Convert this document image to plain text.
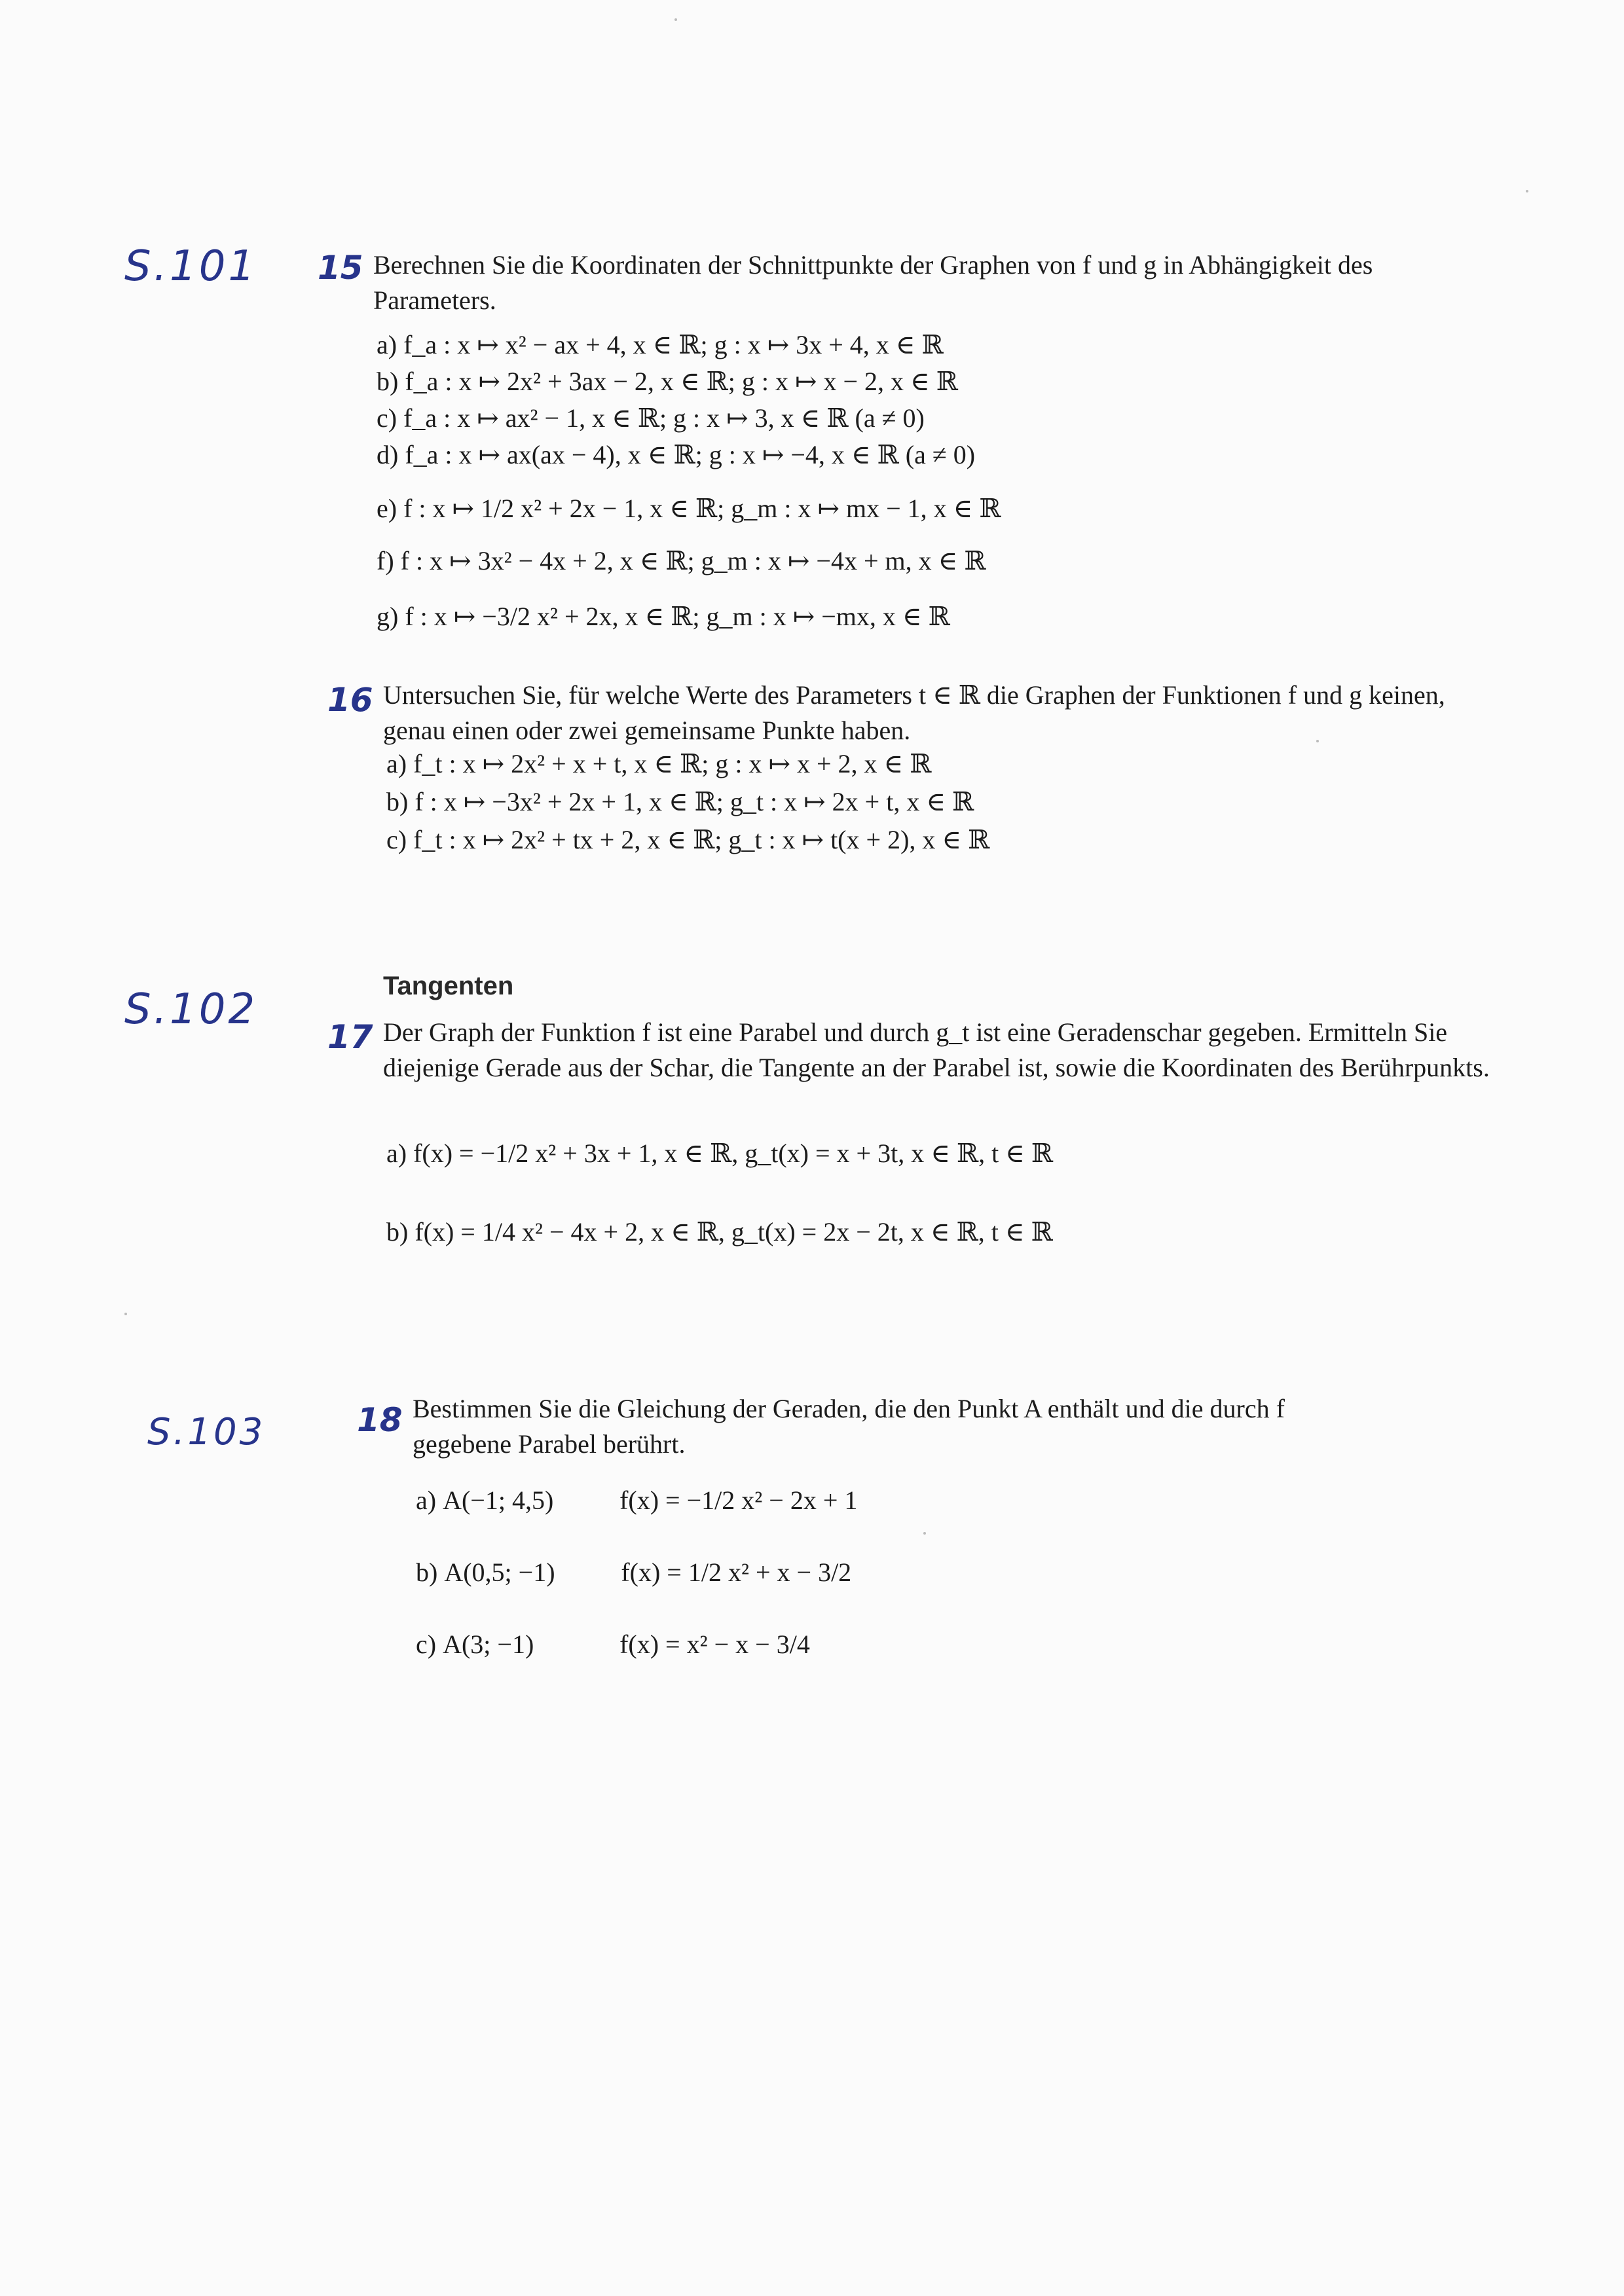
S.101
S.102
S.103
15 Berechnen Sie die Koordinaten der Schnittpunkte der Graphen von f und g in Abhängigkeit des Parameters.
a) f_a : x ↦ x² − ax + 4, x ∈ ℝ; g : x ↦ 3x + 4, x ∈ ℝ
b) f_a : x ↦ 2x² + 3ax − 2, x ∈ ℝ; g : x ↦ x − 2, x ∈ ℝ
c) f_a : x ↦ ax² − 1, x ∈ ℝ; g : x ↦ 3, x ∈ ℝ (a ≠ 0)
d) f_a : x ↦ ax(ax − 4), x ∈ ℝ; g : x ↦ −4, x ∈ ℝ (a ≠ 0)
e) f : x ↦ 1/2 x² + 2x − 1, x ∈ ℝ; g_m : x ↦ mx − 1, x ∈ ℝ
f) f : x ↦ 3x² − 4x + 2, x ∈ ℝ; g_m : x ↦ −4x + m, x ∈ ℝ
g) f : x ↦ −3/2 x² + 2x, x ∈ ℝ; g_m : x ↦ −mx, x ∈ ℝ
16 Untersuchen Sie, für welche Werte des Parameters t ∈ ℝ die Graphen der Funktionen f und g keinen, genau einen oder zwei gemeinsame Punkte haben.
a) f_t : x ↦ 2x² + x + t, x ∈ ℝ; g : x ↦ x + 2, x ∈ ℝ
b) f : x ↦ −3x² + 2x + 1, x ∈ ℝ; g_t : x ↦ 2x + t, x ∈ ℝ
c) f_t : x ↦ 2x² + tx + 2, x ∈ ℝ; g_t : x ↦ t(x + 2), x ∈ ℝ
Tangenten
17 Der Graph der Funktion f ist eine Parabel und durch g_t ist eine Geradenschar gegeben. Ermitteln Sie diejenige Gerade aus der Schar, die Tangente an der Parabel ist, sowie die Koordinaten des Berührpunkts.
a) f(x) = −1/2 x² + 3x + 1, x ∈ ℝ, g_t(x) = x + 3t, x ∈ ℝ, t ∈ ℝ
b) f(x) = 1/4 x² − 4x + 2, x ∈ ℝ, g_t(x) = 2x − 2t, x ∈ ℝ, t ∈ ℝ
18 Bestimmen Sie die Gleichung der Geraden, die den Punkt A enthält und die durch f gegebene Parabel berührt.
a) A(−1; 4,5)	f(x) = −1/2 x² − 2x + 1
b) A(0,5; −1)	f(x) = 1/2 x² + x − 3/2
c) A(3; −1)	f(x) = x² − x − 3/4
